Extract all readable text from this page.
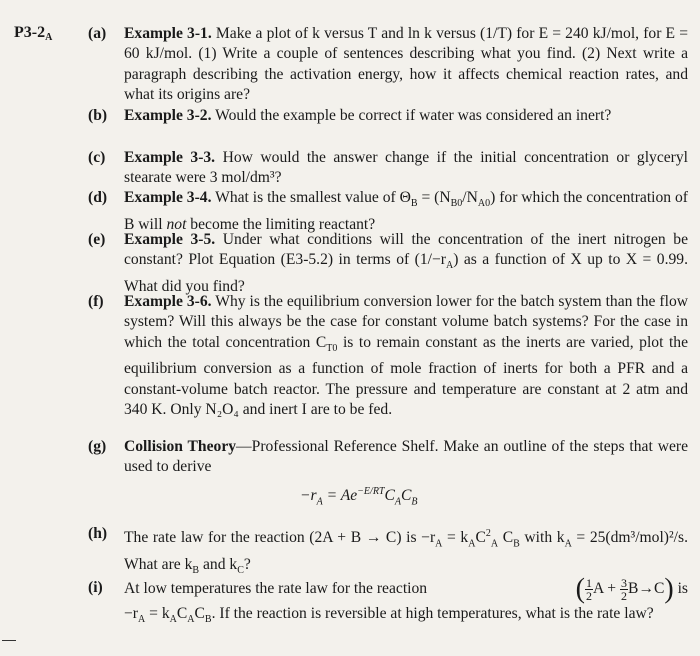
$P3-2_A$ (a)	Example 3-1. Make a plot of k versus T and ln k versus (1/T) for E = 240 kJ/mol, for E = 60 kJ/mol. (1) Write a couple of sentences describing what you find. (2) Next write a paragraph describing the activation energy, how it affects chemical reaction rates, and what its origins are?
(b)	Example 3-2. Would the example be correct if water was considered an inert?
(c)	Example 3-3. How would the answer change if the initial concentration or glyceryl stearate were 3 mol/dm³?
(d)	Example 3-4. What is the smallest value of $\Theta_B = (N_{B0}/N_{A0})$ for which the concentration of B will not become the limiting reactant?
(e)	Example 3-5. Under what conditions will the concentration of the inert nitrogen be constant? Plot Equation (E3-5.2) in terms of $(1/-r_A)$ as a function of X up to X = 0.99. What did you find?
(f)	Example 3-6. Why is the equilibrium conversion lower for the batch system than the flow system? Will this always be the case for constant volume batch systems? For the case in which the total concentration $C_{T0}$ is to remain constant as the inerts are varied, plot the equilibrium conversion as a function of mole fraction of inerts for both a PFR and a constant-volume batch reactor. The pressure and temperature are constant at 2 atm and 340 K. Only N₂O₄ and inert I are to be fed.
(g)	Collision Theory—Professional Reference Shelf. Make an outline of the steps that were used to derive
$-r_A = Ae^{-E/RT}C_AC_B$
(h)	The rate law for the reaction (2A + B → C) is $-r_A = k_AC^2_A$ $C_B$ with $k_A = 25(dm^3/mol)^2/s$. What are $k_B$ and $k_C$?
(i)	At low temperatures the rate law for the reaction	( $\frac{1}{2}$ $A + \frac{3}{2} B\to C$) is
$-r_A = k_AC_AC_B$. If the reaction is reversible at high temperatures, what is the rate law?
